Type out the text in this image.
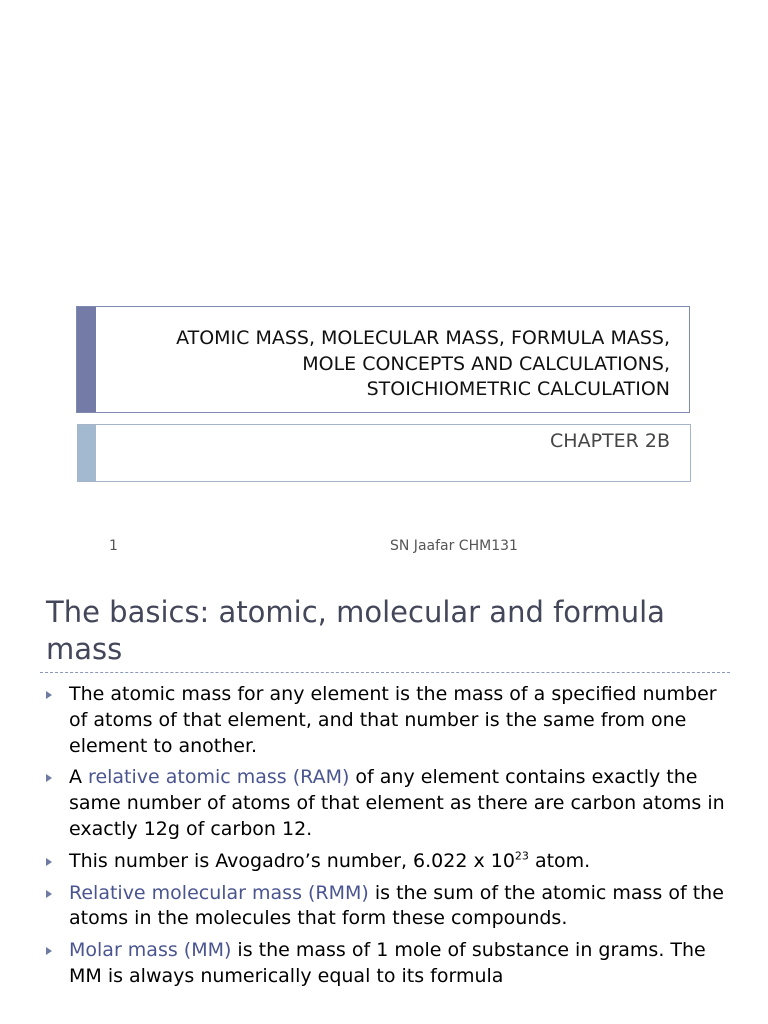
ATOMIC MASS, MOLECULAR MASS, FORMULA MASS,
MOLE CONCEPTS AND CALCULATIONS,
STOICHIOMETRIC CALCULATION
CHAPTER 2B
1	SN Jaafar CHM131
The basics: atomic, molecular and formula mass
The atomic mass for any element is the mass of a specified number of atoms of that element, and that number is the same from one element to another.
A relative atomic mass (RAM) of any element contains exactly the same number of atoms of that element as there are carbon atoms in exactly 12g of carbon 12.
This number is Avogadro’s number, 6.022 x $10^{23}$ atom.
Relative molecular mass (RMM) is the sum of the atomic mass of the atoms in the molecules that form these compounds.
Molar mass (MM) is the mass of 1 mole of substance in grams. The MM is always numerically equal to its formula
